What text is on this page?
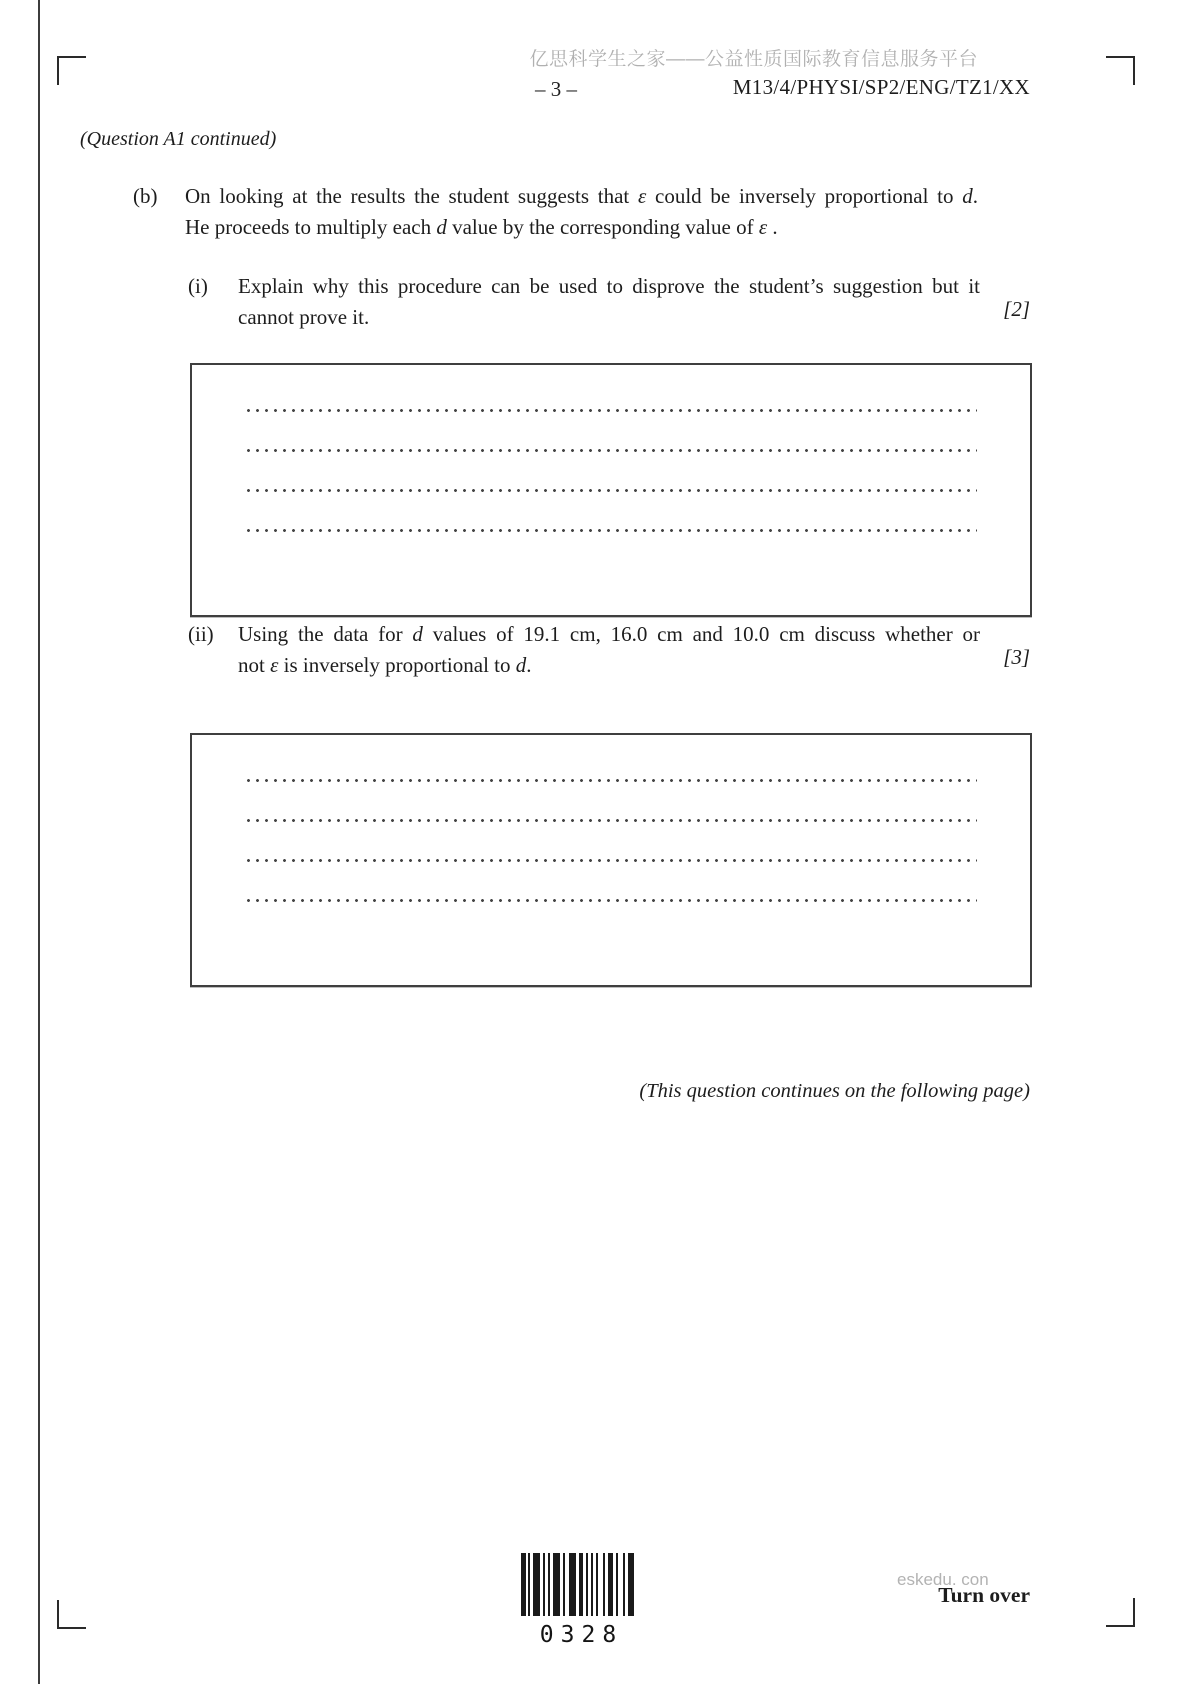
亿思科学生之家——公益性质国际教育信息服务平台
– 3 –	M13/4/PHYSI/SP2/ENG/TZ1/XX
(Question A1 continued)
(b)	On looking at the results the student suggests that ε could be inversely proportional to d.
He proceeds to multiply each d value by the corresponding value of ε .
(i)	Explain why this procedure can be used to disprove the student’s suggestion but it
cannot prove it.	[2]
(ii)	Using the data for d values of 19.1 cm, 16.0 cm and 10.0 cm discuss whether or
not ε is inversely proportional to d.	[3]
(This question continues on the following page)
0328
eskedu. con
Turn over
